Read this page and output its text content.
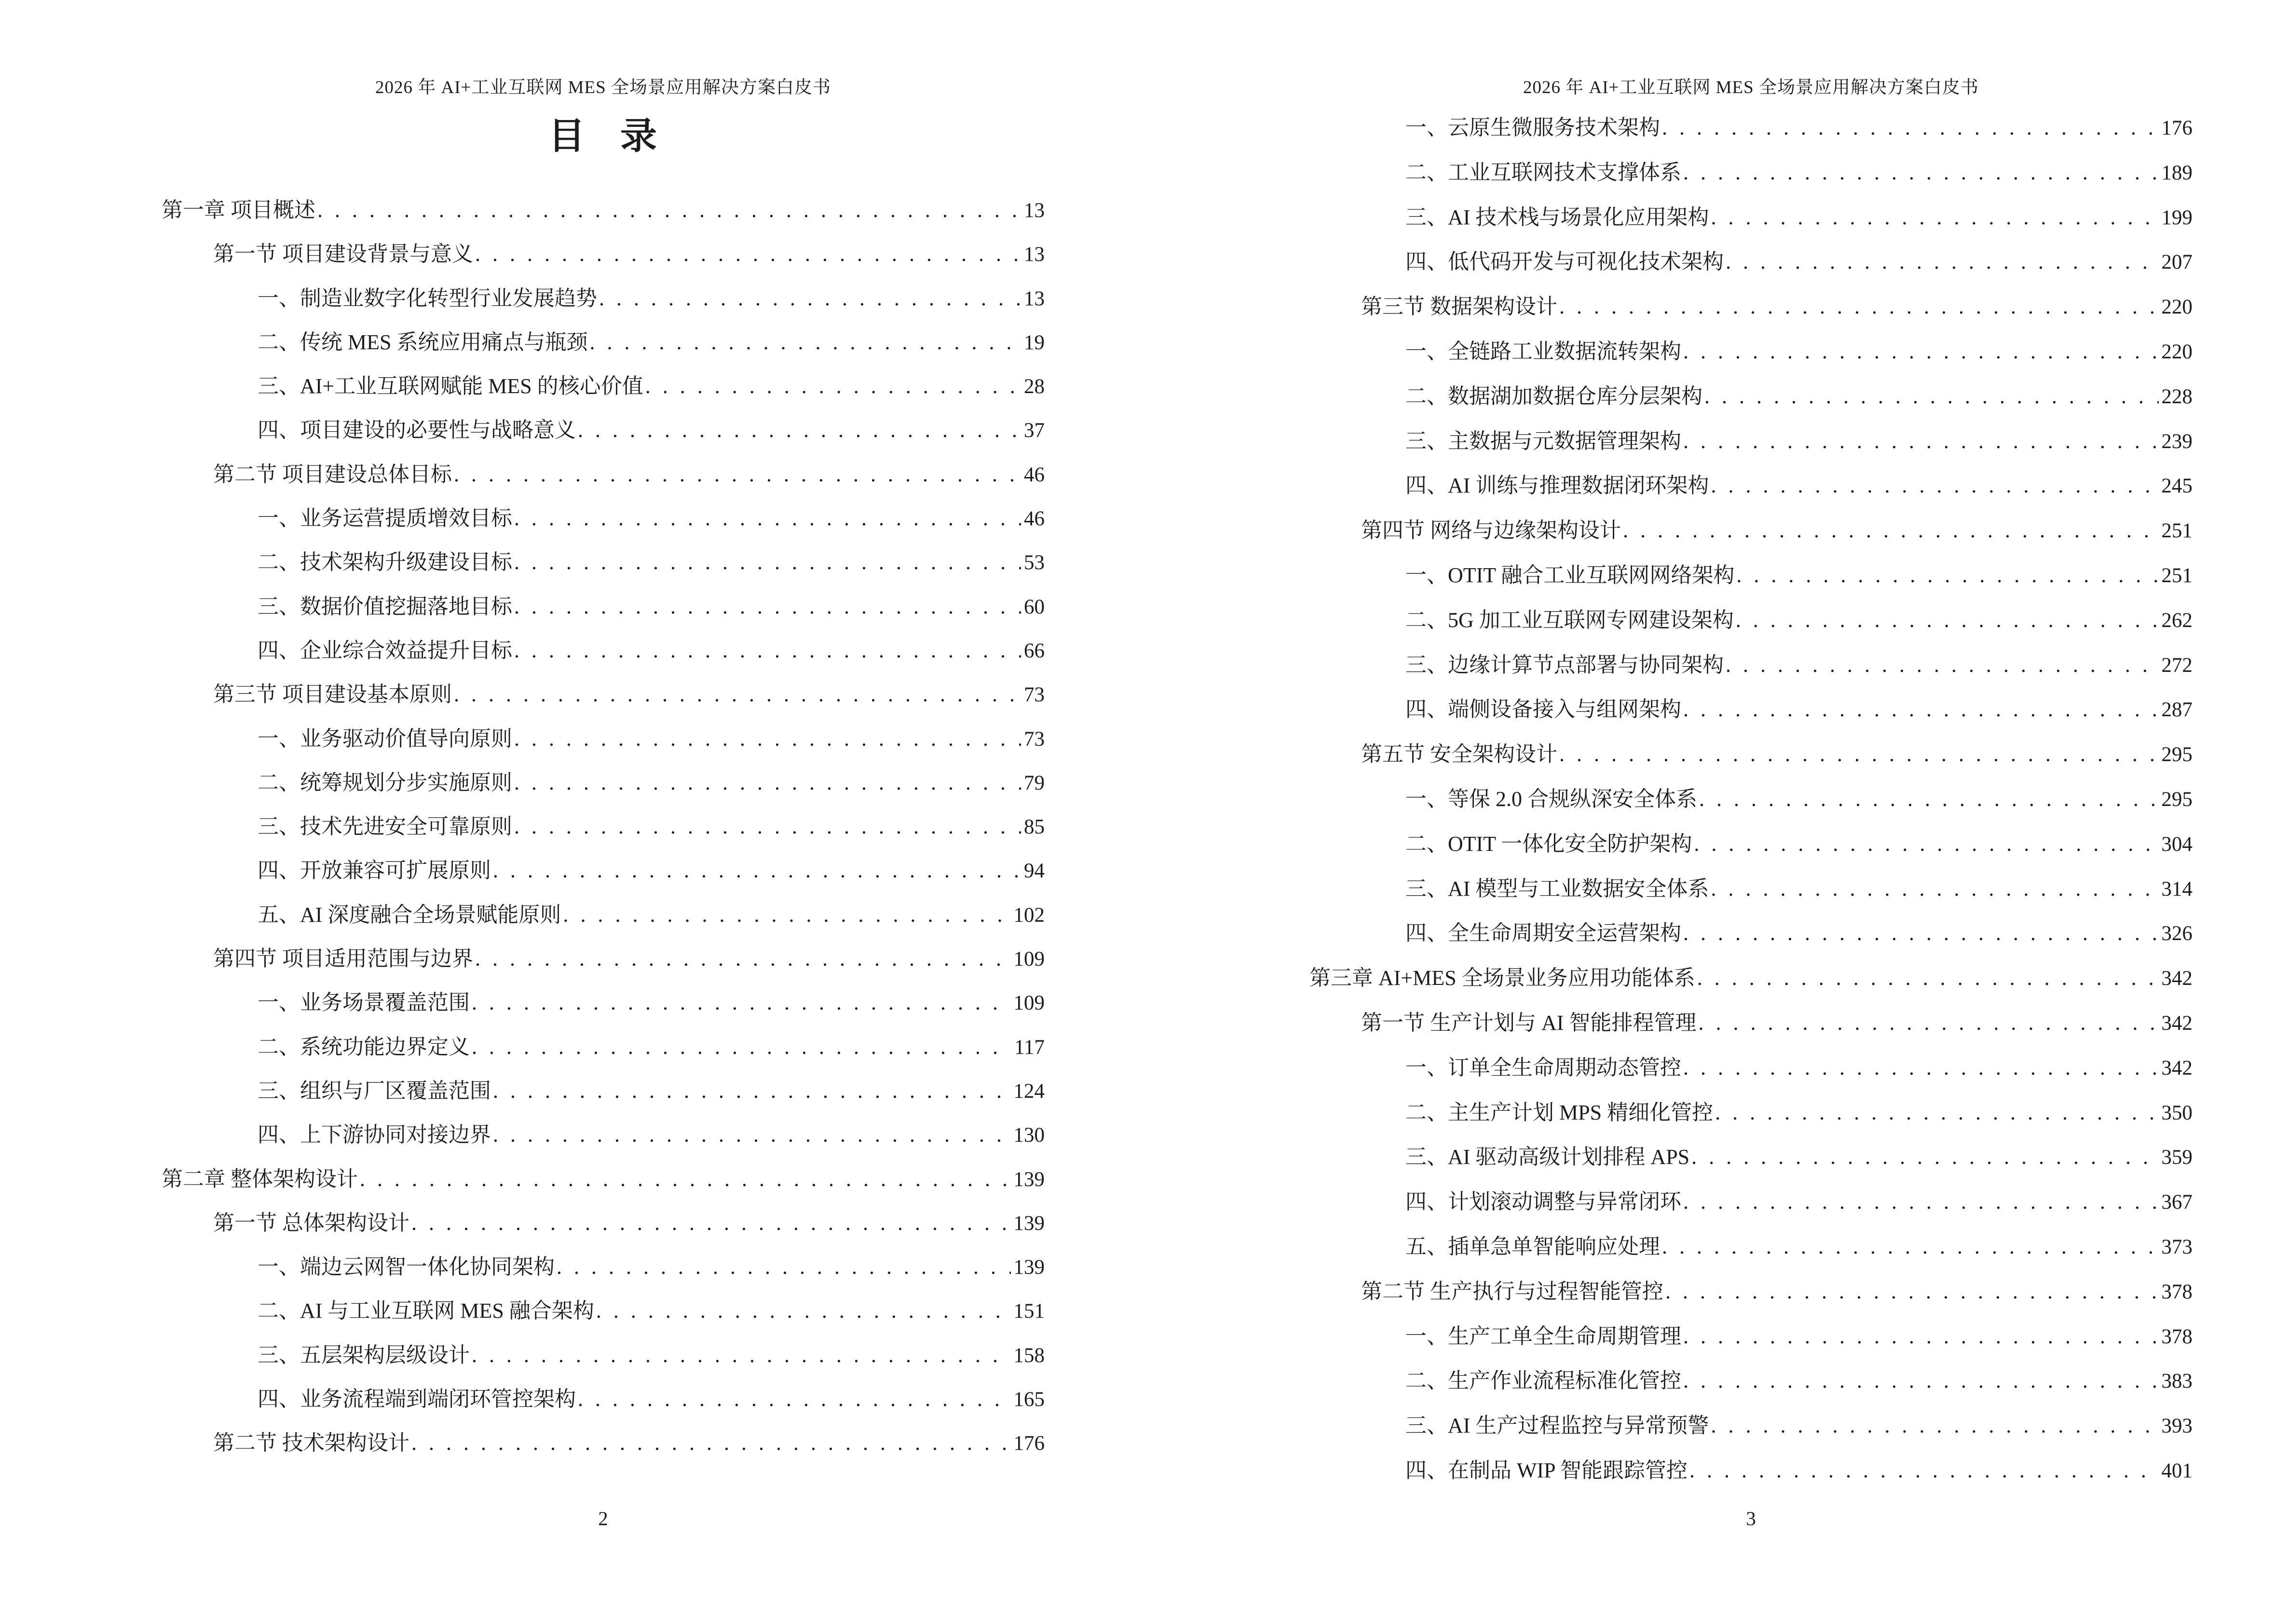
2026 年 AI+工业互联网 MES 全场景应用解决方案白皮书
目 录
第一章 项目概述 .....	13
第一节 项目建设背景与意义 .....	13
一、制造业数字化转型行业发展趋势 .....	13
二、传统 MES 系统应用痛点与瓶颈 .....	19
三、AI+工业互联网赋能 MES 的核心价值 .....	28
四、项目建设的必要性与战略意义 .....	37
第二节 项目建设总体目标 .....	46
一、业务运营提质增效目标 .....	46
二、技术架构升级建设目标 .....	53
三、数据价值挖掘落地目标 .....	60
四、企业综合效益提升目标 .....	66
第三节 项目建设基本原则 .....	73
一、业务驱动价值导向原则 .....	73
二、统筹规划分步实施原则 .....	79
三、技术先进安全可靠原则 .....	85
四、开放兼容可扩展原则 .....	94
五、AI 深度融合全场景赋能原则 .....	102
第四节 项目适用范围与边界 .....	109
一、业务场景覆盖范围 .....	109
二、系统功能边界定义 .....	117
三、组织与厂区覆盖范围 .....	124
四、上下游协同对接边界 .....	130
第二章 整体架构设计 .....	139
第一节 总体架构设计 .....	139
一、端边云网智一体化协同架构 .....	139
二、AI 与工业互联网 MES 融合架构 .....	151
三、五层架构层级设计 .....	158
四、业务流程端到端闭环管控架构 .....	165
第二节 技术架构设计 .....	176
2
2026 年 AI+工业互联网 MES 全场景应用解决方案白皮书
一、云原生微服务技术架构 .....	176
二、工业互联网技术支撑体系 .....	189
三、AI 技术栈与场景化应用架构 .....	199
四、低代码开发与可视化技术架构 .....	207
第三节 数据架构设计 .....	220
一、全链路工业数据流转架构 .....	220
二、数据湖加数据仓库分层架构 .....	228
三、主数据与元数据管理架构 .....	239
四、AI 训练与推理数据闭环架构 .....	245
第四节 网络与边缘架构设计 .....	251
一、OTIT 融合工业互联网网络架构 .....	251
二、5G 加工业互联网专网建设架构 .....	262
三、边缘计算节点部署与协同架构 .....	272
四、端侧设备接入与组网架构 .....	287
第五节 安全架构设计 .....	295
一、等保 2.0 合规纵深安全体系 .....	295
二、OTIT 一体化安全防护架构 .....	304
三、AI 模型与工业数据安全体系 .....	314
四、全生命周期安全运营架构 .....	326
第三章 AI+MES 全场景业务应用功能体系 .....	342
第一节 生产计划与 AI 智能排程管理 .....	342
一、订单全生命周期动态管控 .....	342
二、主生产计划 MPS 精细化管控 .....	350
三、AI 驱动高级计划排程 APS .....	359
四、计划滚动调整与异常闭环 .....	367
五、插单急单智能响应处理 .....	373
第二节 生产执行与过程智能管控 .....	378
一、生产工单全生命周期管理 .....	378
二、生产作业流程标准化管控 .....	383
三、AI 生产过程监控与异常预警 .....	393
四、在制品 WIP 智能跟踪管控 .....	401
3
